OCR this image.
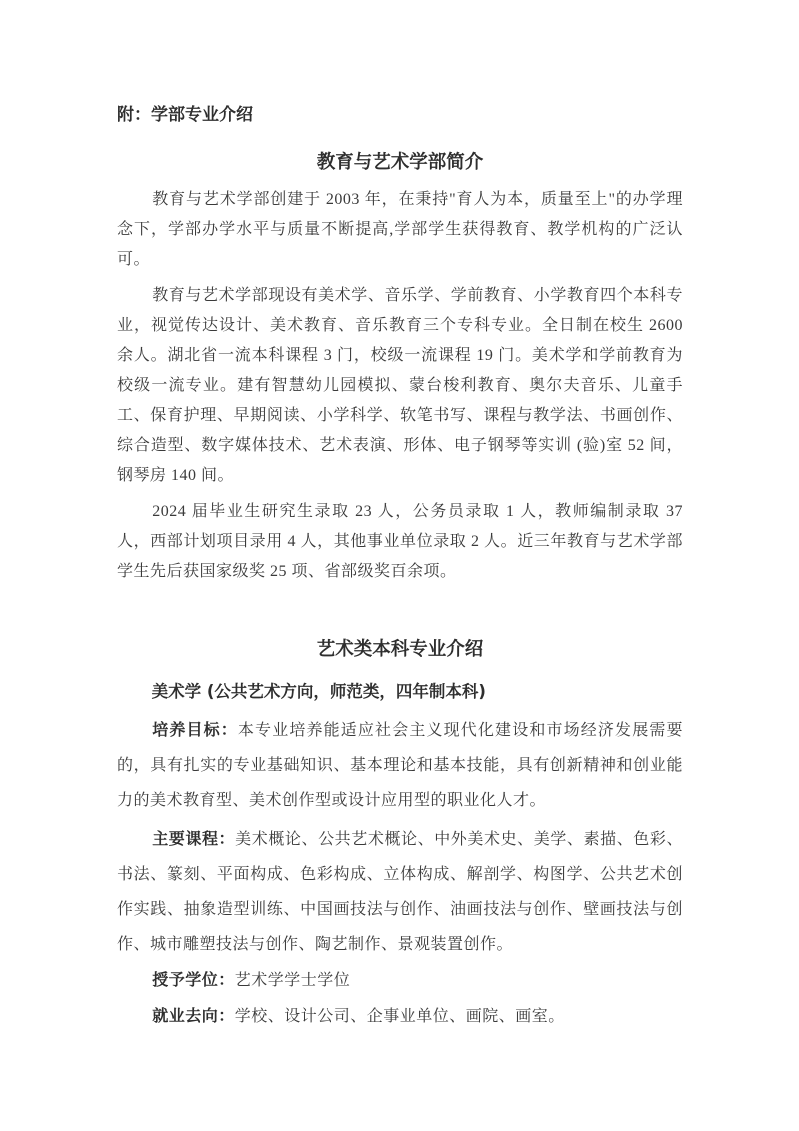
附：学部专业介绍
教育与艺术学部简介

教育与艺术学部创建于 2003 年，在秉持"育人为本，质量至上"的办学理念下，学部办学水平与质量不断提高,学部学生获得教育、教学机构的广泛认可。

教育与艺术学部现设有美术学、音乐学、学前教育、小学教育四个本科专业，视觉传达设计、美术教育、音乐教育三个专科专业。全日制在校生 2600 余人。湖北省一流本科课程 3 门，校级一流课程 19 门。美术学和学前教育为校级一流专业。建有智慧幼儿园模拟、蒙台梭利教育、奥尔夫音乐、儿童手工、保育护理、早期阅读、小学科学、软笔书写、课程与教学法、书画创作、综合造型、数字媒体技术、艺术表演、形体、电子钢琴等实训 (验)室 52 间，钢琴房 140 间。

2024 届毕业生研究生录取 23 人，公务员录取 1 人，教师编制录取 37 人，西部计划项目录用 4 人，其他事业单位录取 2 人。近三年教育与艺术学部学生先后获国家级奖 25 项、省部级奖百余项。

艺术类本科专业介绍

美术学 (公共艺术方向，师范类，四年制本科)

培养目标：本专业培养能适应社会主义现代化建设和市场经济发展需要的，具有扎实的专业基础知识、基本理论和基本技能，具有创新精神和创业能力的美术教育型、美术创作型或设计应用型的职业化人才。

主要课程：美术概论、公共艺术概论、中外美术史、美学、素描、色彩、书法、篆刻、平面构成、色彩构成、立体构成、解剖学、构图学、公共艺术创作实践、抽象造型训练、中国画技法与创作、油画技法与创作、壁画技法与创作、城市雕塑技法与创作、陶艺制作、景观装置创作。

授予学位：艺术学学士学位

就业去向：学校、设计公司、企事业单位、画院、画室。
